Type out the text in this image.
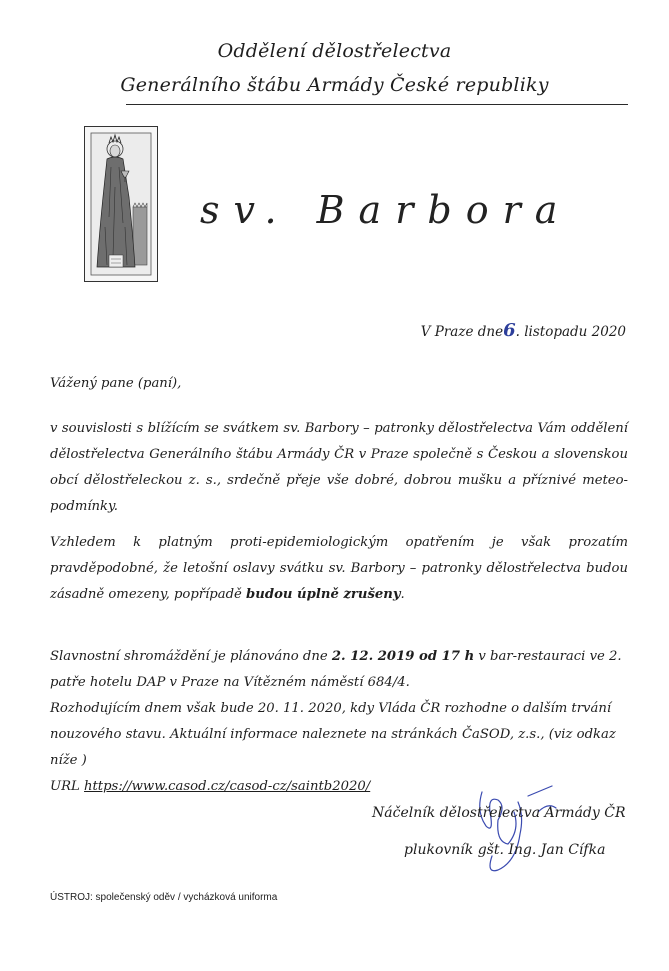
Oddělení dělostřelectva
Generálního štábu Armády České republiky
sv. Barbora
V Praze dne6. listopadu 2020
Vážený pane (paní),
v souvislosti s blížícím se svátkem sv. Barbory – patronky dělostřelectva Vám oddělení dělostřelectva Generálního štábu Armády ČR v Praze společně s Českou a slovenskou obcí dělostřeleckou z. s., srdečně přeje vše dobré, dobrou mušku a příznivé meteo-podmínky.
Vzhledem k platným proti-epidemiologickým opatřením je však prozatím pravděpodobné, že letošní oslavy svátku sv. Barbory – patronky dělostřelectva budou zásadně omezeny, popřípadě budou úplně zrušeny.
Slavnostní shromáždění je plánováno dne 2. 12. 2019 od 17 h v bar-restauraci ve 2. patře hotelu DAP v Praze na Vítězném náměstí 684/4.
Rozhodujícím dnem však bude 20. 11. 2020, kdy Vláda ČR rozhodne o dalším trvání nouzového stavu. Aktuální informace naleznete na stránkách ČaSOD, z.s., (viz odkaz níže )
URL https://www.casod.cz/casod-cz/saintb2020/
Náčelník dělostřelectva Armády ČR
plukovník gšt. Ing. Jan Cífka
ÚSTROJ: společenský oděv / vycházková uniforma
